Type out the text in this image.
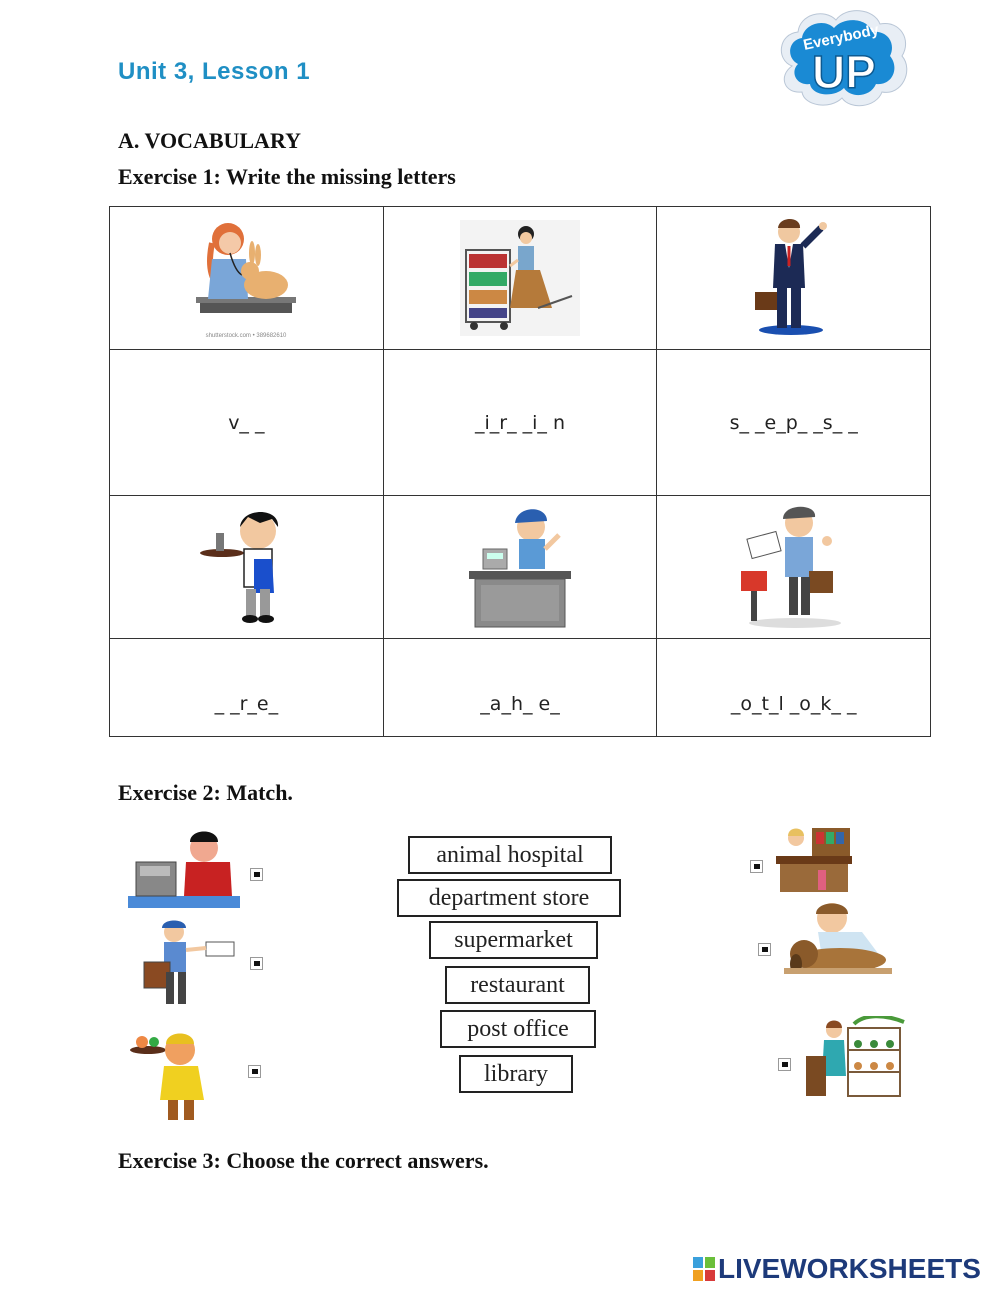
Unit 3, Lesson 1
Everybody
UP
A. VOCABULARY
Exercise 1: Write the missing letters
shutterstock.com • 389682610

v_ _	_i_r_ _i_ n	s_ _e_p_ _s_ _

_ _r_e_	_a_h_ e_	_o_t_l _o_k_ _
Exercise 2: Match.
animal hospital
department store
supermarket
restaurant
post office
library
Exercise 3: Choose the correct answers.
LIVEWORKSHEETS
